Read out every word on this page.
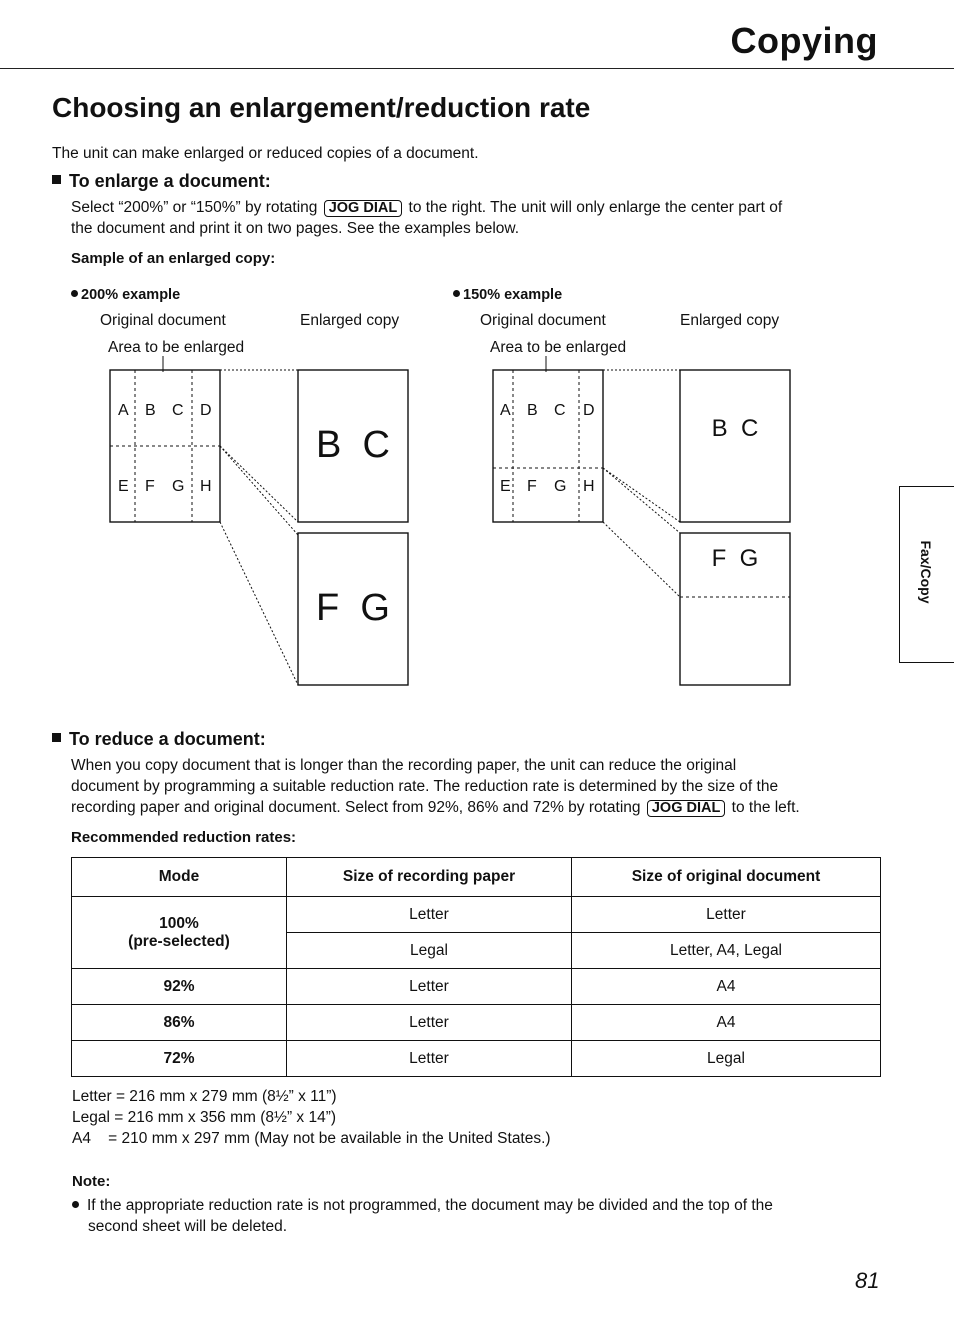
Copying
Choosing an enlargement/reduction rate
The unit can make enlarged or reduced copies of a document.
To enlarge a document:
Select “200%” or “150%” by rotating JOG DIAL to the right. The unit will only enlarge the center part of
the document and print it on two pages. See the examples below.
Sample of an enlarged copy:
200% example
Original document	Enlarged copy
Area to be enlarged
150% example
Original document	Enlarged copy
Area to be enlarged
A B C D
E F G H
B  C
F  G
A B C D
E F G H
B  C
F  G	Fax/Copy
To reduce a document:
When you copy document that is longer than the recording paper, the unit can reduce the original
document by programming a suitable reduction rate. The reduction rate is determined by the size of the
recording paper and original document. Select from 92%, 86% and 72% by rotating JOG DIAL to the left.
Recommended reduction rates:
Mode	Size of recording paper	Size of original document
100%
(pre-selected)	Letter	Letter
	Legal	Letter, A4, Legal
92%	Letter	A4
86%	Letter	A4
72%	Letter	Legal
Letter = 216 mm x 279 mm (8½” x 11”)
Legal = 216 mm x 356 mm (8½” x 14”)
A4    = 210 mm x 297 mm (May not be available in the United States.)
Note:
If the appropriate reduction rate is not programmed, the document may be divided and the top of the
second sheet will be deleted.
81
